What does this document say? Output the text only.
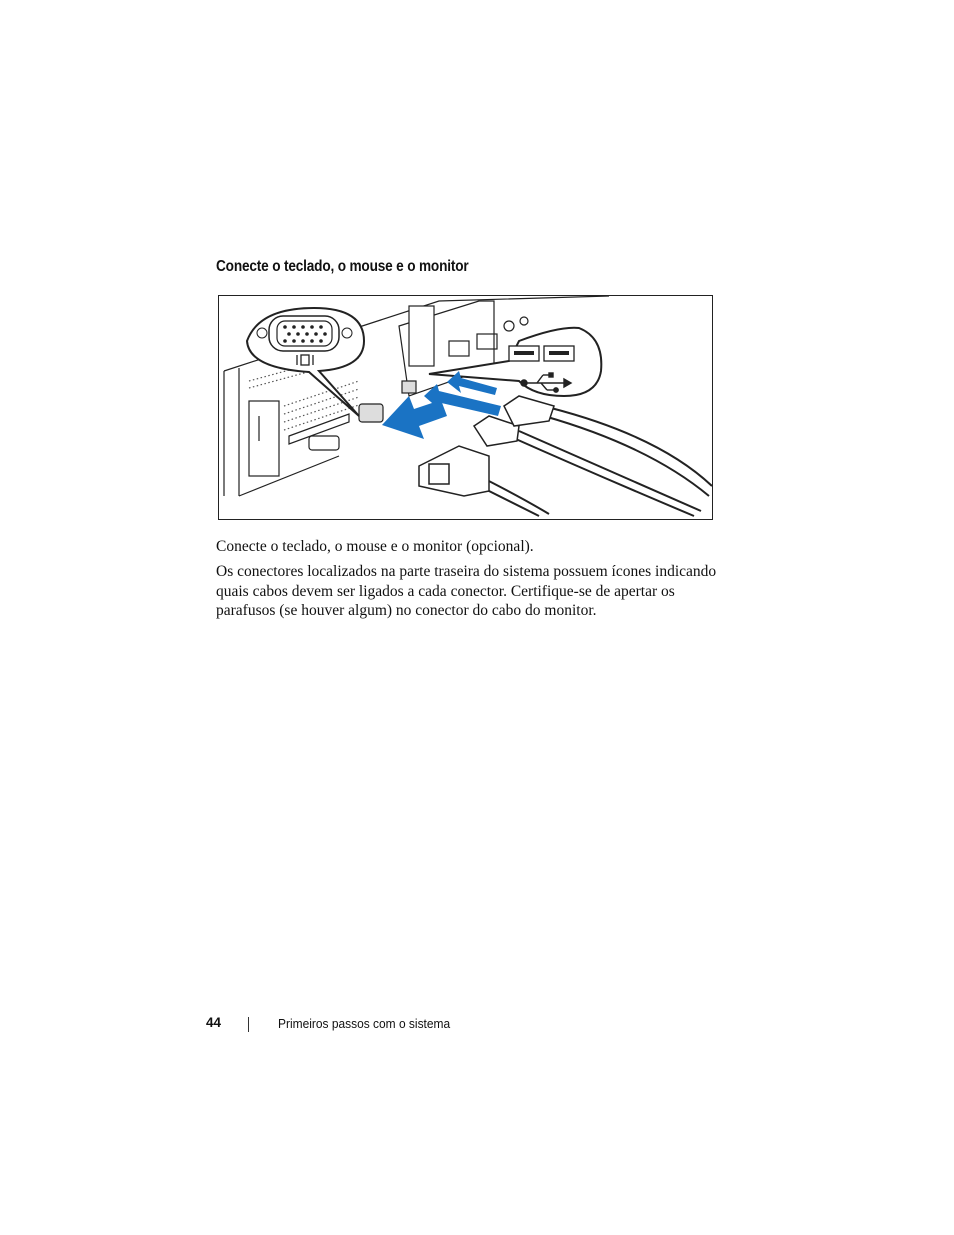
Conecte o teclado, o mouse e o monitor
Conecte o teclado, o mouse e o monitor (opcional).
Os conectores localizados na parte traseira do sistema possuem ícones indicando quais cabos devem ser ligados a cada conector. Certifique-se de apertar os parafusos (se houver algum) no conector do cabo do monitor.
44	Primeiros passos com o sistema
